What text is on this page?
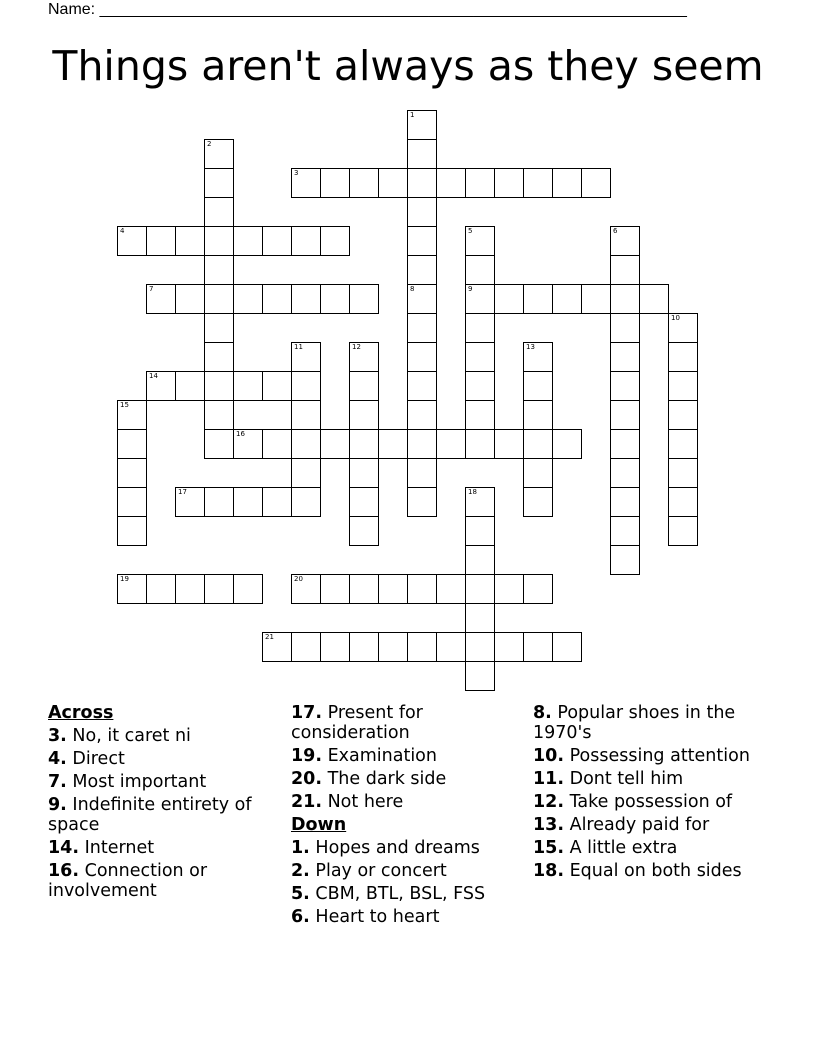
Name: __________________________________________________________________
Things aren't always as they seem
1
2
3
4	5
9
6
7	8
10
11	12	13
14
15
16
17	18
19	20
21
Across
3. No, it caret ni
4. Direct
7. Most important
9. Indefinite entirety of space
14. Internet
16. Connection or involvement
17. Present for consideration
19. Examination
20. The dark side
21. Not here
Down
1. Hopes and dreams
2. Play or concert
5. CBM, BTL, BSL, FSS
6. Heart to heart
8. Popular shoes in the 1970's
10. Possessing attention
11. Dont tell him
12. Take possession of
13. Already paid for
15. A little extra
18. Equal on both sides
